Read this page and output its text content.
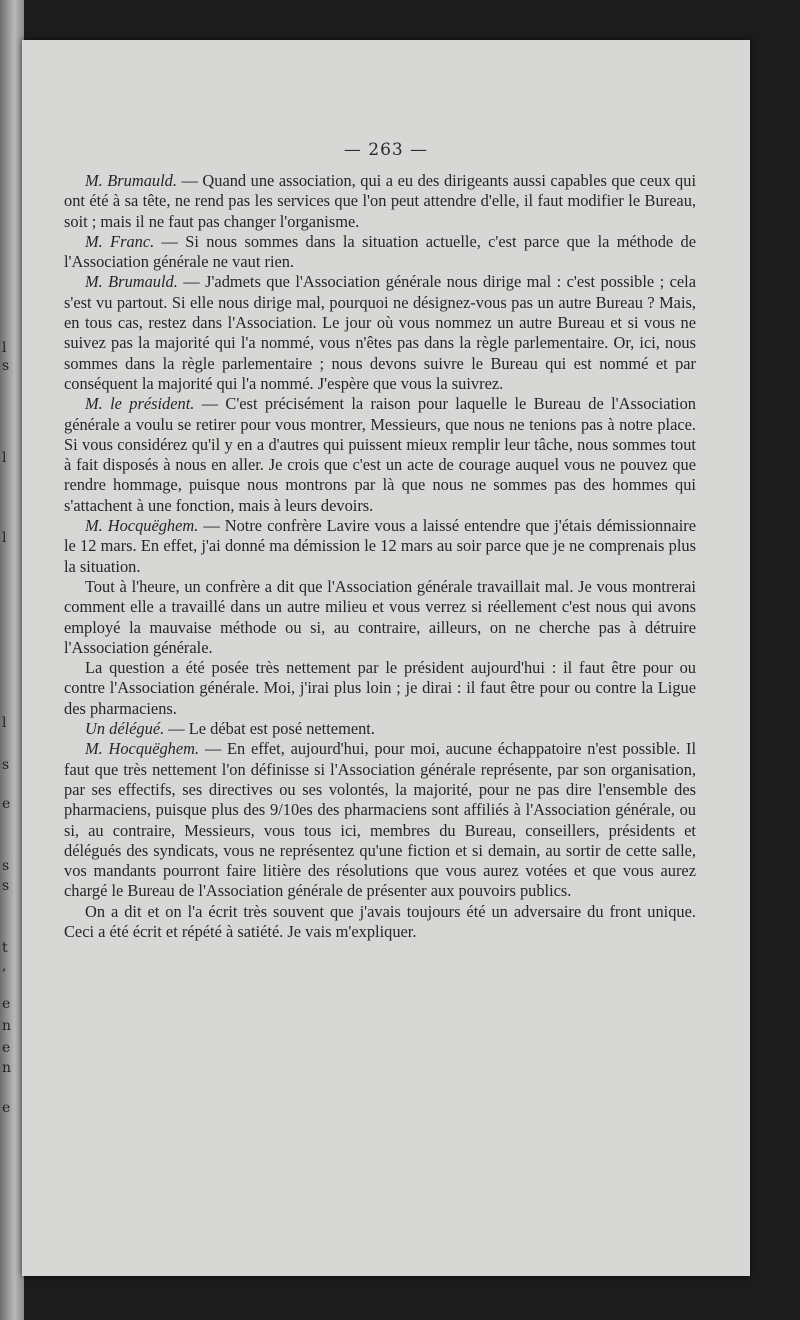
l
s
l
l
l
s
e
s
s
t
,
e
n
e
n
e
— 263 —

M. Brumauld. — Quand une association, qui a eu des dirigeants aussi capables que ceux qui ont été à sa tête, ne rend pas les services que l'on peut attendre d'elle, il faut modifier le Bureau, soit ; mais il ne faut pas changer l'organisme.

M. Franc. — Si nous sommes dans la situation actuelle, c'est parce que la méthode de l'Association générale ne vaut rien.

M. Brumauld. — J'admets que l'Association générale nous dirige mal : c'est possible ; cela s'est vu partout. Si elle nous dirige mal, pourquoi ne désignez-vous pas un autre Bureau ? Mais, en tous cas, restez dans l'Association. Le jour où vous nommez un autre Bureau et si vous ne suivez pas la majorité qui l'a nommé, vous n'êtes pas dans la règle parlementaire. Or, ici, nous sommes dans la règle parlementaire ; nous devons suivre le Bureau qui est nommé et par conséquent la majorité qui l'a nommé. J'espère que vous la suivrez.

M. le président. — C'est précisément la raison pour laquelle le Bureau de l'Association générale a voulu se retirer pour vous montrer, Messieurs, que nous ne tenions pas à notre place. Si vous considérez qu'il y en a d'autres qui puissent mieux remplir leur tâche, nous sommes tout à fait disposés à nous en aller. Je crois que c'est un acte de courage auquel vous ne pouvez que rendre hommage, puisque nous montrons par là que nous ne sommes pas des hommes qui s'attachent à une fonction, mais à leurs devoirs.

M. Hocquëghem. — Notre confrère Lavire vous a laissé entendre que j'étais démissionnaire le 12 mars. En effet, j'ai donné ma démission le 12 mars au soir parce que je ne comprenais plus la situation.

Tout à l'heure, un confrère a dit que l'Association générale travaillait mal. Je vous montrerai comment elle a travaillé dans un autre milieu et vous verrez si réellement c'est nous qui avons employé la mauvaise méthode ou si, au contraire, ailleurs, on ne cherche pas à détruire l'Association générale.

La question a été posée très nettement par le président aujourd'hui : il faut être pour ou contre l'Association générale. Moi, j'irai plus loin ; je dirai : il faut être pour ou contre la Ligue des pharmaciens.

Un délégué. — Le débat est posé nettement.

M. Hocquëghem. — En effet, aujourd'hui, pour moi, aucune échappatoire n'est possible. Il faut que très nettement l'on définisse si l'Association générale représente, par son organisation, par ses effectifs, ses directives ou ses volontés, la majorité, pour ne pas dire l'ensemble des pharmaciens, puisque plus des 9/10es des pharmaciens sont affiliés à l'Association générale, ou si, au contraire, Messieurs, vous tous ici, membres du Bureau, conseillers, présidents et délégués des syndicats, vous ne représentez qu'une fiction et si demain, au sortir de cette salle, vos mandants pourront faire litière des résolutions que vous aurez votées et que vous aurez chargé le Bureau de l'Association générale de présenter aux pouvoirs publics.

On a dit et on l'a écrit très souvent que j'avais toujours été un adversaire du front unique. Ceci a été écrit et répété à satiété. Je vais m'expliquer.
